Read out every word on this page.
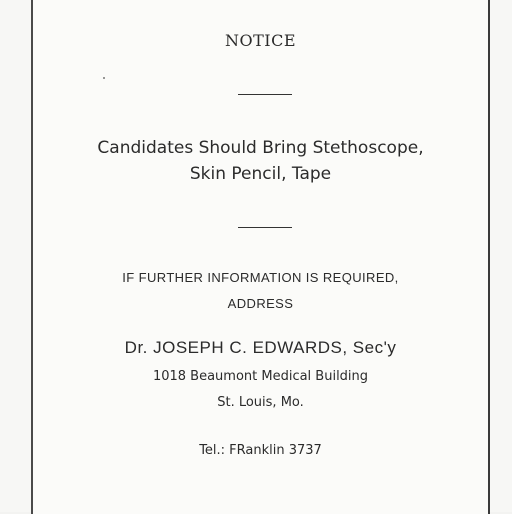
NOTICE
Candidates Should Bring Stethoscope,
Skin Pencil, Tape
IF FURTHER INFORMATION IS REQUIRED,
ADDRESS
Dr. JOSEPH C. EDWARDS, Sec'y
1018 Beaumont Medical Building
St. Louis, Mo.
Tel.: FRanklin 3737
